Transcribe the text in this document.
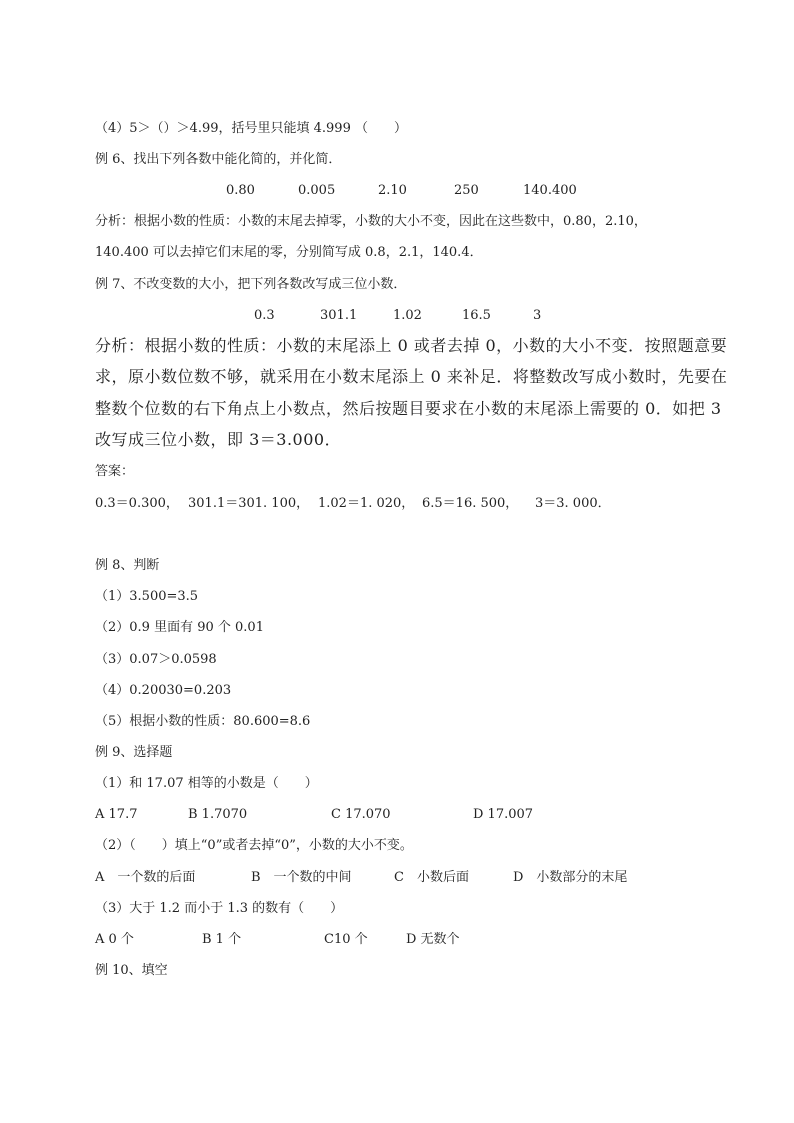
（4）5＞（）＞4.99，括号里只能填 4.999 （　　）
例 6、找出下列各数中能化简的，并化简．
0.80	0.005	2.10	250	140.400
分析：根据小数的性质：小数的末尾去掉零，小数的大小不变，因此在这些数中，0.80，2.10，
140.400 可以去掉它们末尾的零，分别简写成 0.8，2.1，140.4．
例 7、不改变数的大小，把下列各数改写成三位小数．
0.3	301.1	1.02	16.5	3
分析：根据小数的性质：小数的末尾添上 0 或者去掉 0，小数的大小不变．按照题意要
求，原小数位数不够，就采用在小数末尾添上 0 来补足．将整数改写成小数时，先要在
整数个位数的右下角点上小数点，然后按题目要求在小数的末尾添上需要的 0．如把 3
改写成三位小数，即 3＝3.000．
答案：
0.3＝0.300， 301.1＝301. 100， 1.02＝1. 020， 6.5＝16. 500， 3＝3. 000．
例 8、判断
（1）3.500=3.5
（2）0.9 里面有 90 个 0.01
（3）0.07＞0.0598
（4）0.20030=0.203
（5）根据小数的性质：80.600=8.6
例 9、选择题
（1）和 17.07 相等的小数是（　　）
A 17.7	B 1.7070	C 17.070	D 17.007
（2）（　　）填上“0”或者去掉“0”，小数的大小不变。
A　一个数的后面	B　一个数的中间	C　小数后面	D　小数部分的末尾
（3）大于 1.2 而小于 1.3 的数有（　　）
A 0 个	B 1 个	C10 个	D 无数个
例 10、填空
